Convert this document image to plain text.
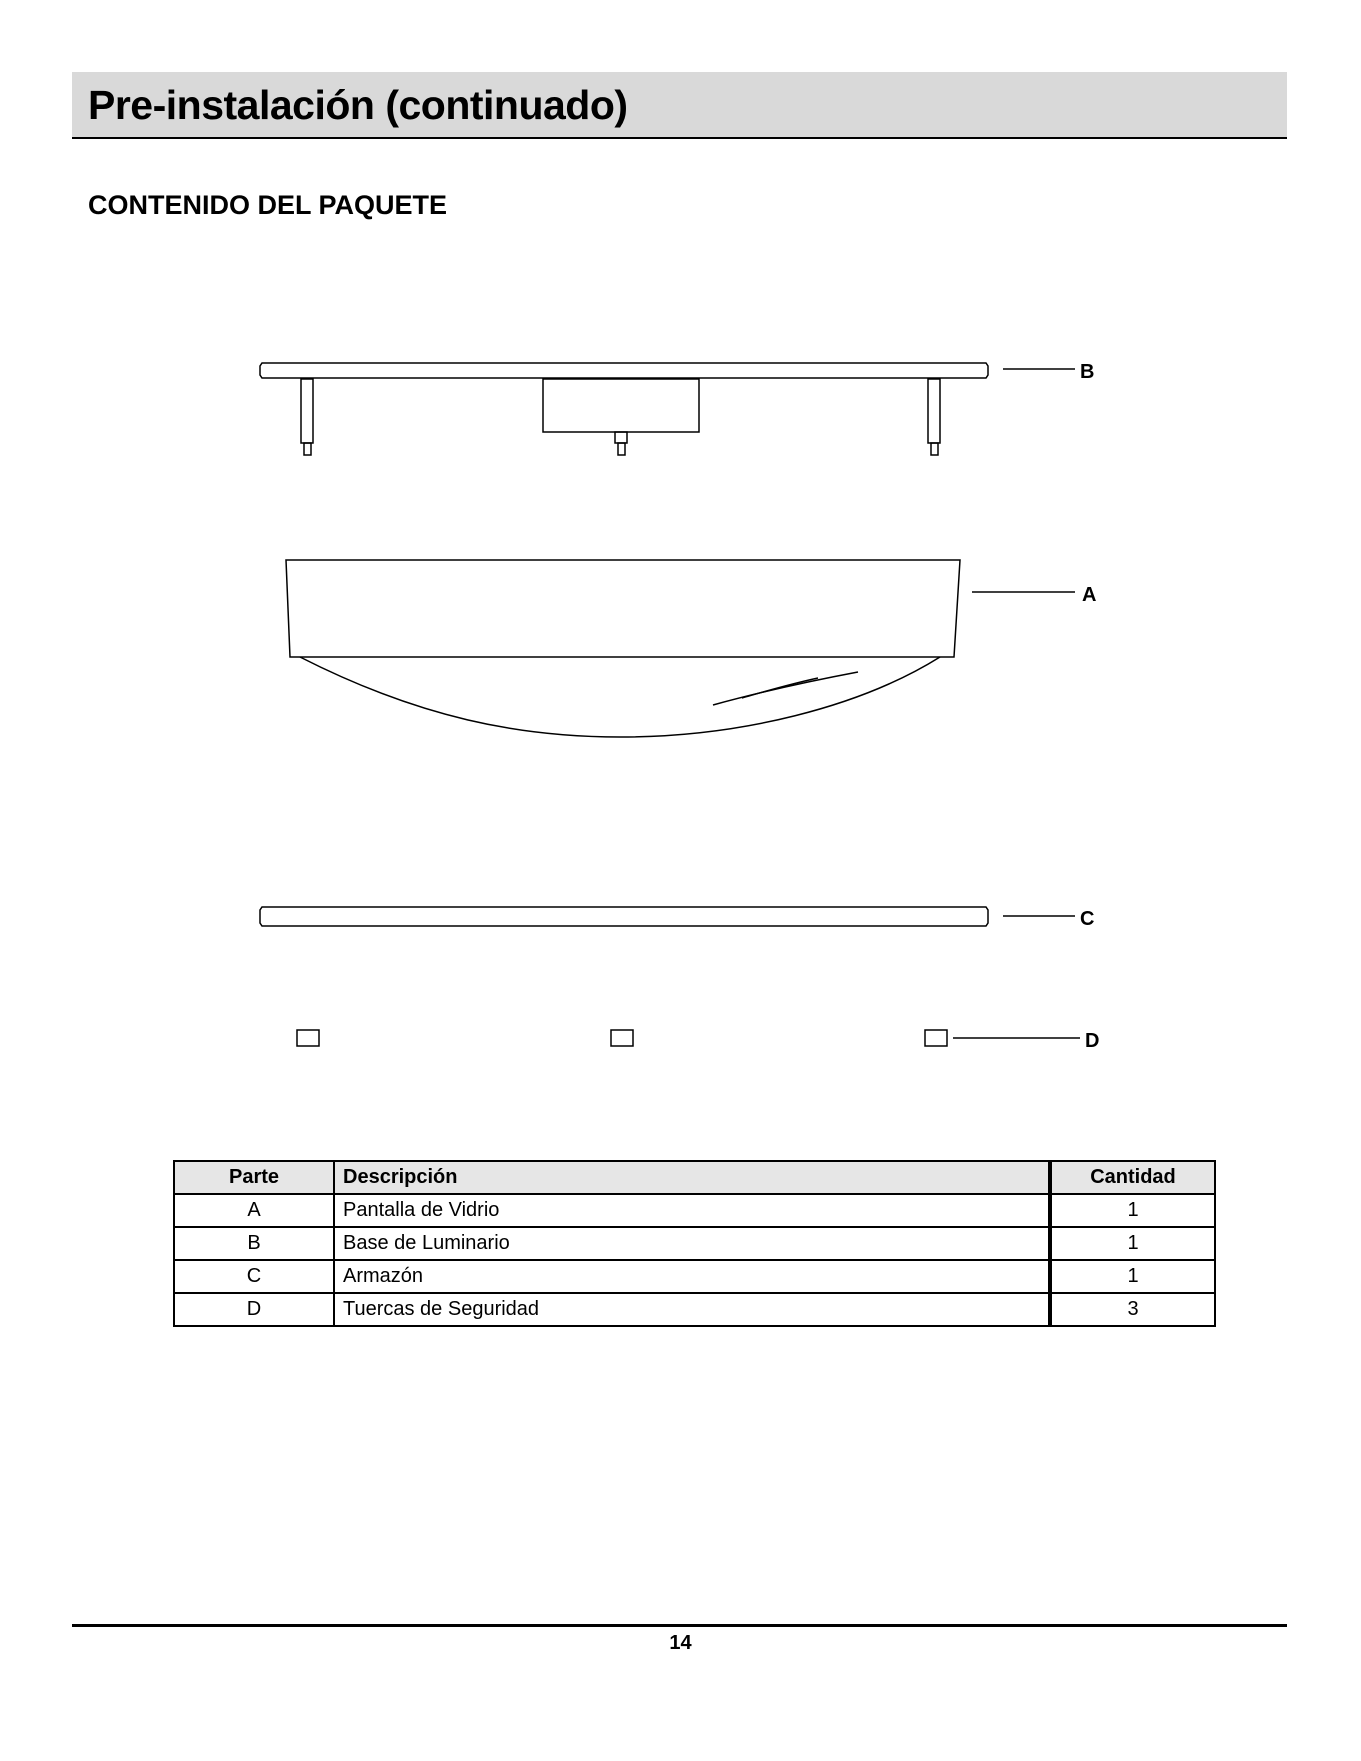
Pre-instalación (continuado)
CONTENIDO DEL PAQUETE
B
A
C
D
Parte	Descripción	Cantidad
A	Pantalla de Vidrio	1
B	Base de Luminario	1
C	Armazón	1
D	Tuercas de Seguridad	3
14
